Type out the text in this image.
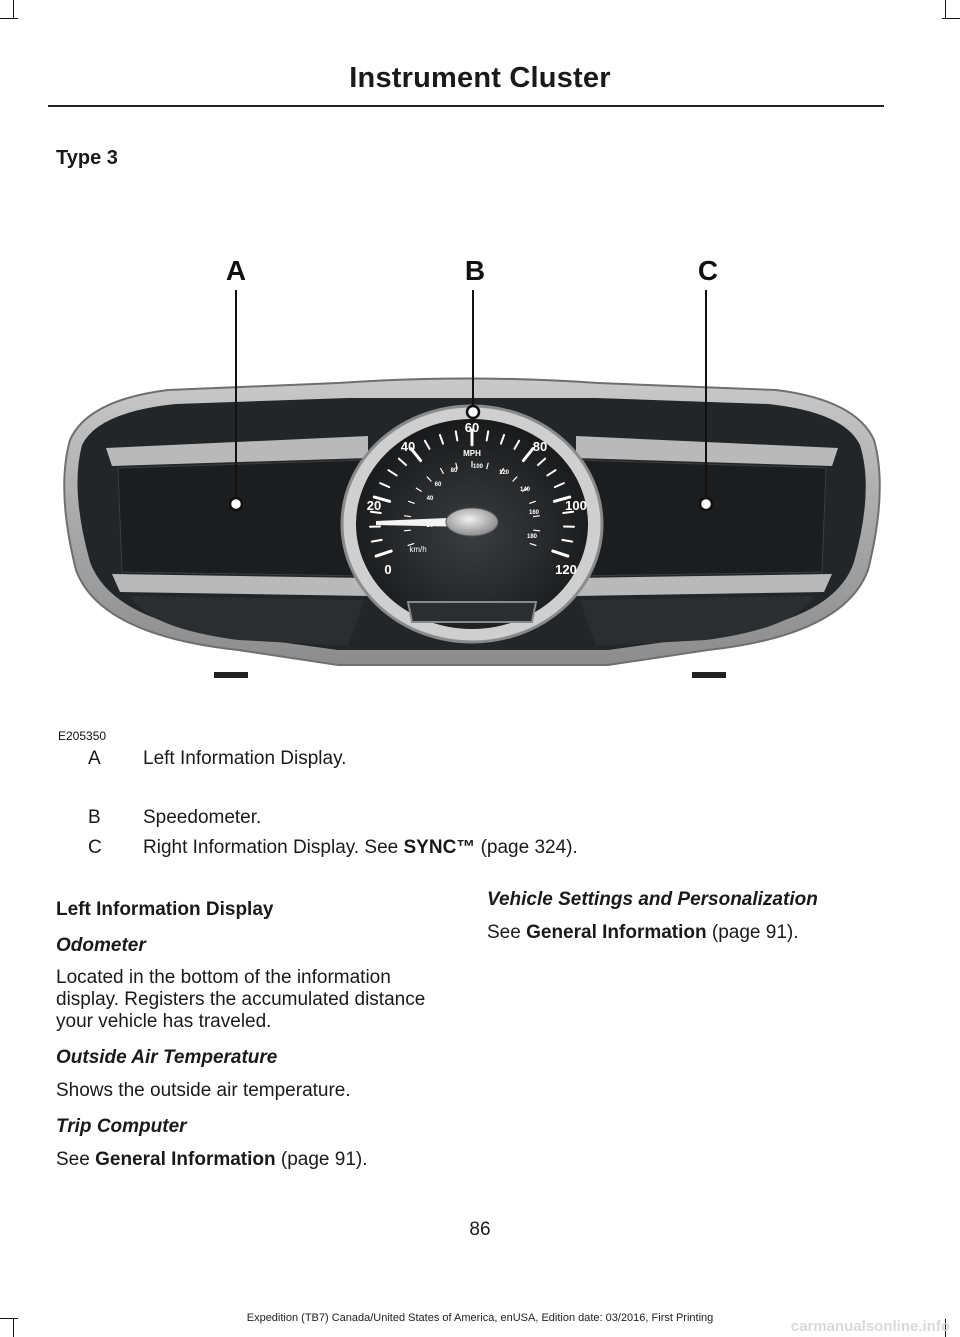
Instrument Cluster
Type 3
0
20
40
60
80
100
120
MPH
40
60
80
100
120
140
160
180
km/h
A	B	C
E205350
A	Left Information Display.
B	Speedometer.
C	Right Information Display. See SYNC™ (page 324).
Left Information Display
Odometer
Located in the bottom of the information display. Registers the accumulated distance your vehicle has traveled.
Outside Air Temperature
Shows the outside air temperature.
Trip Computer
See General Information (page 91).
Vehicle Settings and Personalization
See General Information (page 91).
86
Expedition (TB7) Canada/United States of America, enUSA, Edition date: 03/2016, First Printing	carmanualsonline.info
